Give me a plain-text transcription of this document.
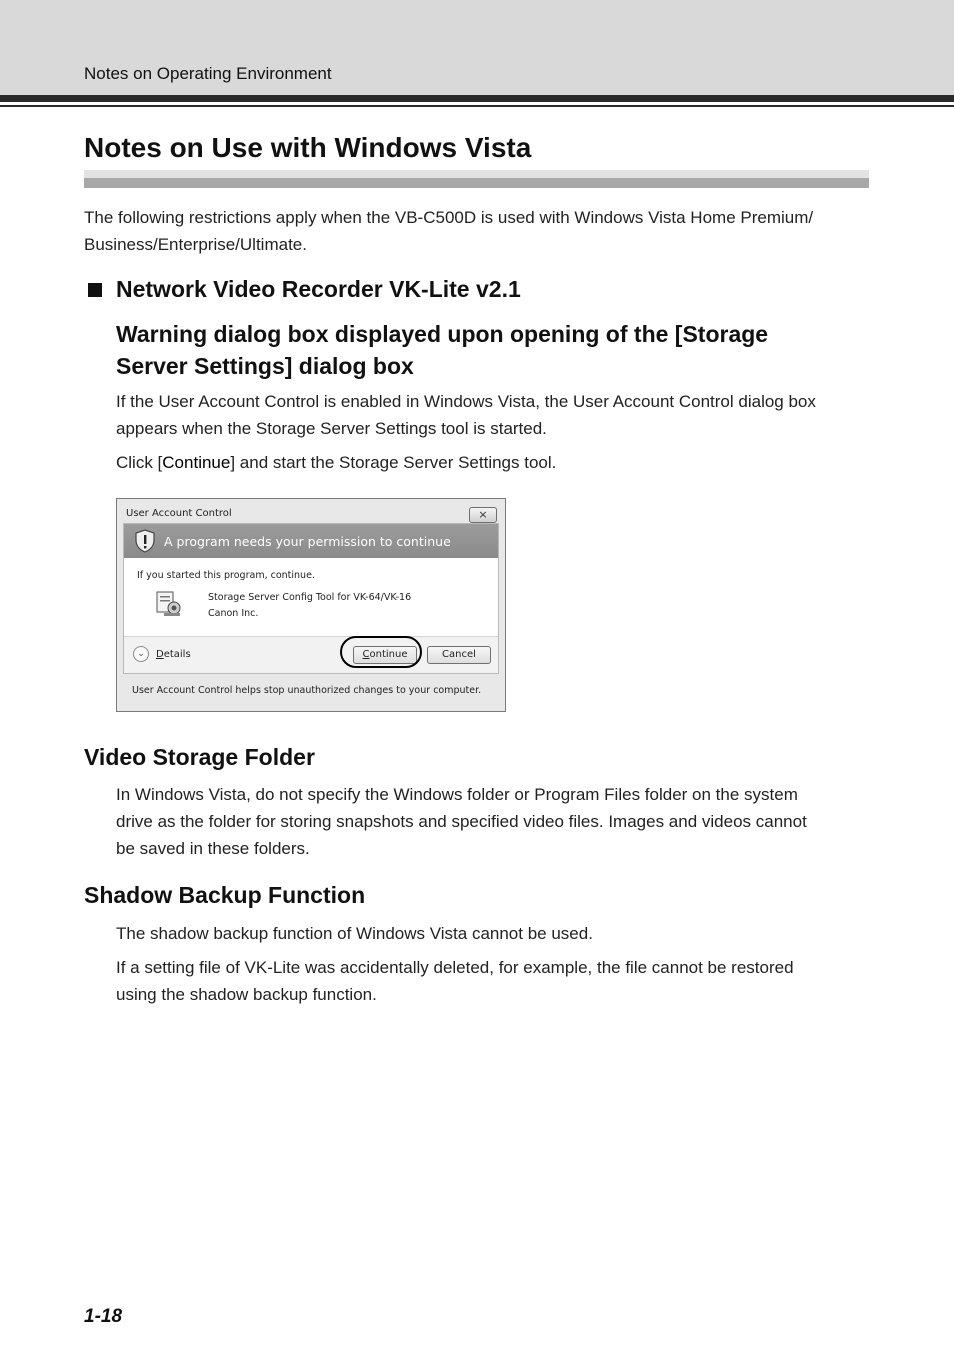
Notes on Operating Environment
Notes on Use with Windows Vista

The following restrictions apply when the VB-C500D is used with Windows Vista Home Premium/

Business/Enterprise/Ultimate.

Network Video Recorder VK-Lite v2.1

Warning dialog box displayed upon opening of the [Storage

Server Settings] dialog box

If the User Account Control is enabled in Windows Vista, the User Account Control dialog box

appears when the Storage Server Settings tool is started.

Click [Continue] and start the Storage Server Settings tool.
User Account Control	×
A program needs your permission to continue
If you started this program, continue.
Storage Server Config Tool for VK-64/VK-16
Canon Inc.
⌄	Details	Continue	Cancel
User Account Control helps stop unauthorized changes to your computer.
Video Storage Folder

In Windows Vista, do not specify the Windows folder or Program Files folder on the system

drive as the folder for storing snapshots and specified video files. Images and videos cannot

be saved in these folders.

Shadow Backup Function
The shadow backup function of Windows Vista cannot be used.

If a setting file of VK-Lite was accidentally deleted, for example, the file cannot be restored

using the shadow backup function.

1-18
